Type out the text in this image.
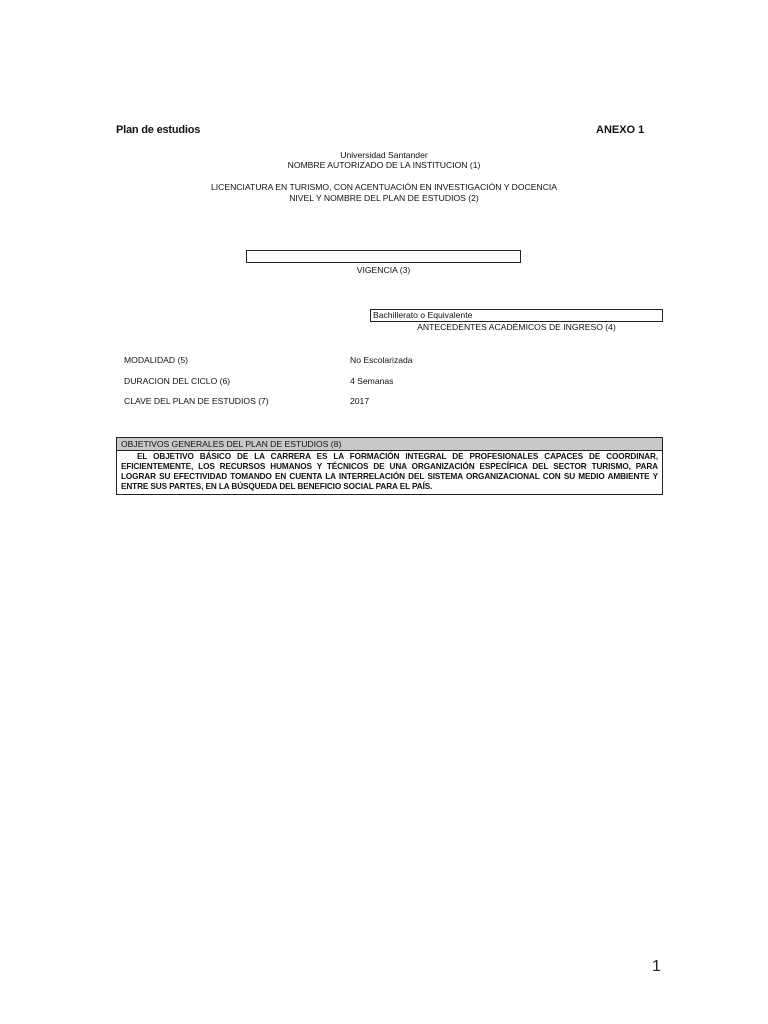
Plan de estudios	ANEXO 1
Universidad Santander
NOMBRE AUTORIZADO DE LA INSTITUCION (1)
LICENCIATURA EN TURISMO, CON ACENTUACIÓN EN INVESTIGACIÓN Y DOCENCIA
NIVEL Y NOMBRE DEL PLAN DE ESTUDIOS (2)
VIGENCIA (3)
Bachillerato o Equivalente
ANTECEDENTES ACADÉMICOS DE INGRESO (4)
MODALIDAD (5)	No Escolarizada
DURACION DEL CICLO (6)	4 Semanas
CLAVE DEL PLAN DE ESTUDIOS (7)	2017
OBJETIVOS GENERALES DEL PLAN DE ESTUDIOS (8)
EL OBJETIVO BÁSICO DE LA CARRERA ES LA FORMACIÓN INTEGRAL DE PROFESIONALES CAPACES DE COORDINAR, EFICIENTEMENTE, LOS RECURSOS HUMANOS Y TÉCNICOS DE UNA ORGANIZACIÓN ESPECÍFICA DEL SECTOR TURISMO, PARA LOGRAR SU EFECTIVIDAD TOMANDO EN CUENTA LA INTERRELACIÓN DEL SISTEMA ORGANIZACIONAL CON SU MEDIO AMBIENTE Y ENTRE SUS PARTES, EN LA BÚSQUEDA DEL BENEFICIO SOCIAL PARA EL PAÍS.
1
